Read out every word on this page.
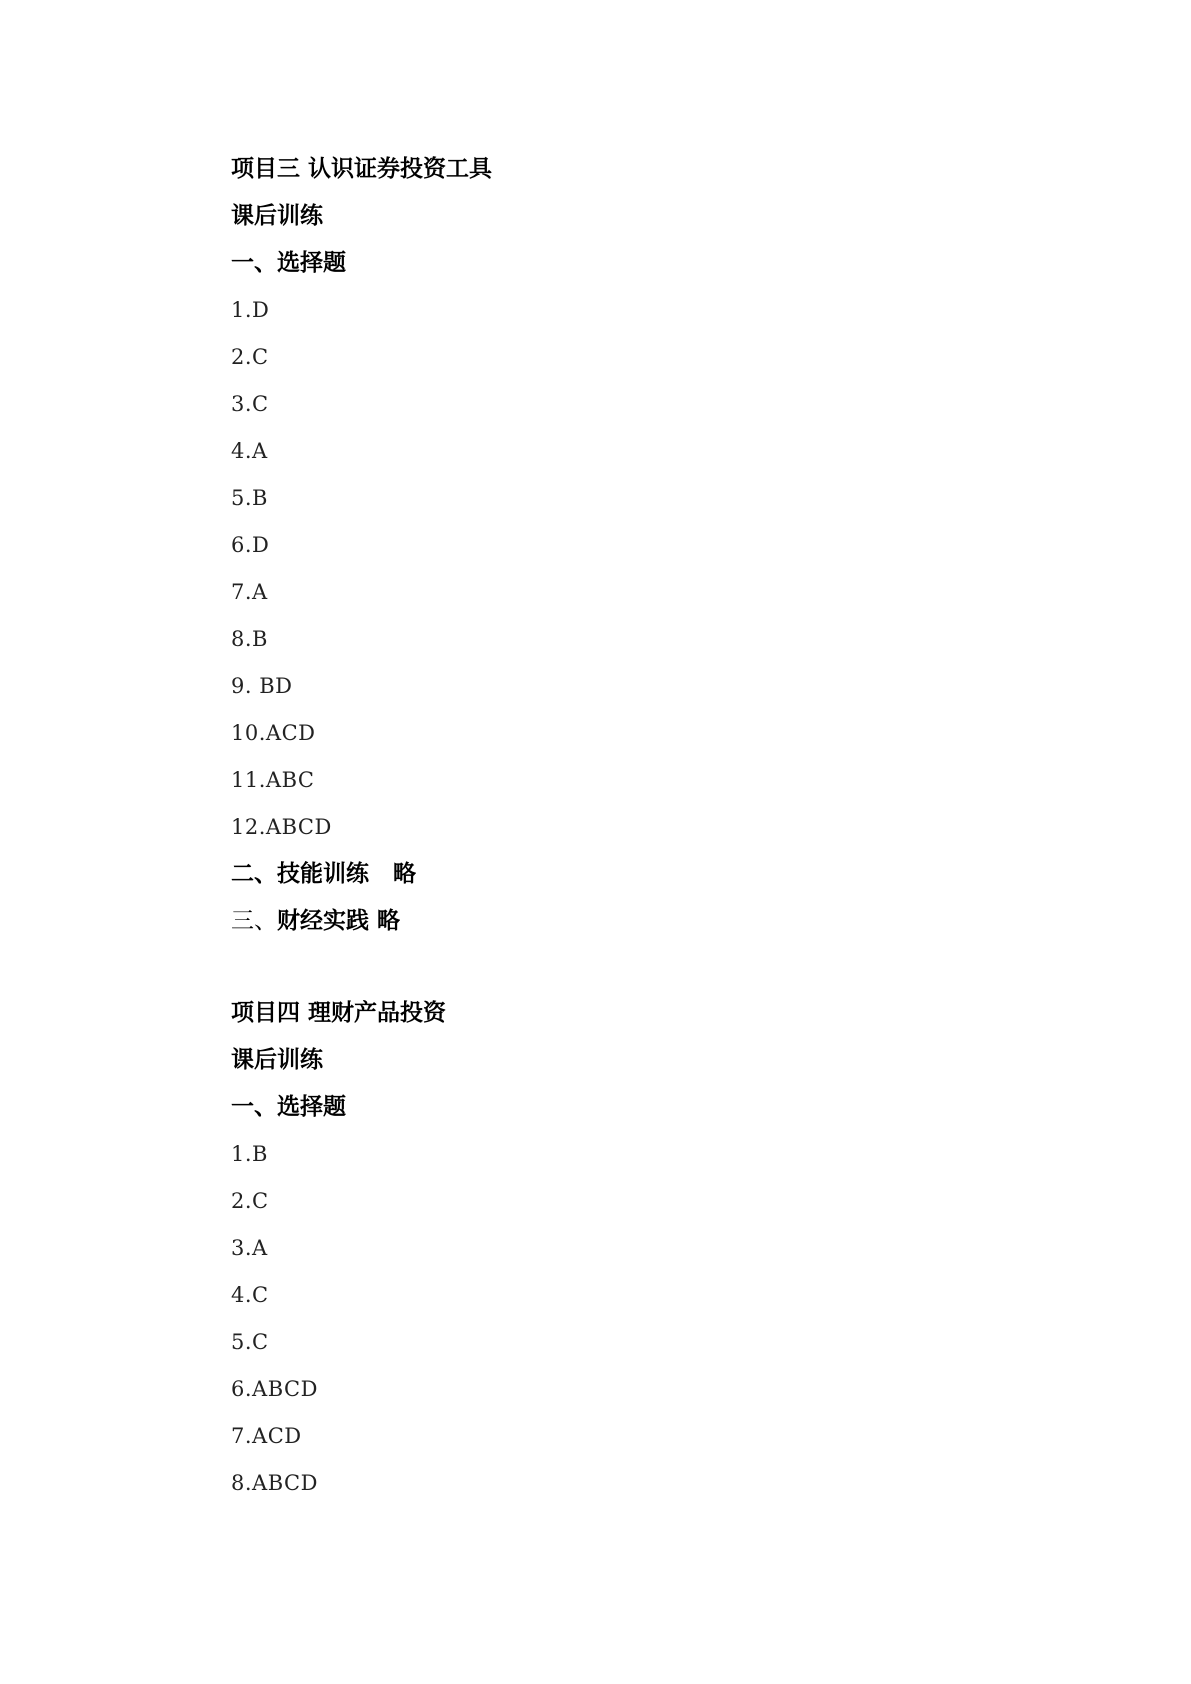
项目三 认识证券投资工具
课后训练
一、选择题
1.D
2.C
3.C
4.A
5.B
6.D
7.A
8.B
9. BD
10.ACD
11.ABC
12.ABCD
二、技能训练   略
三、财经实践 略
项目四 理财产品投资
课后训练
一、选择题
1.B
2.C
3.A
4.C
5.C
6.ABCD
7.ACD
8.ABCD
